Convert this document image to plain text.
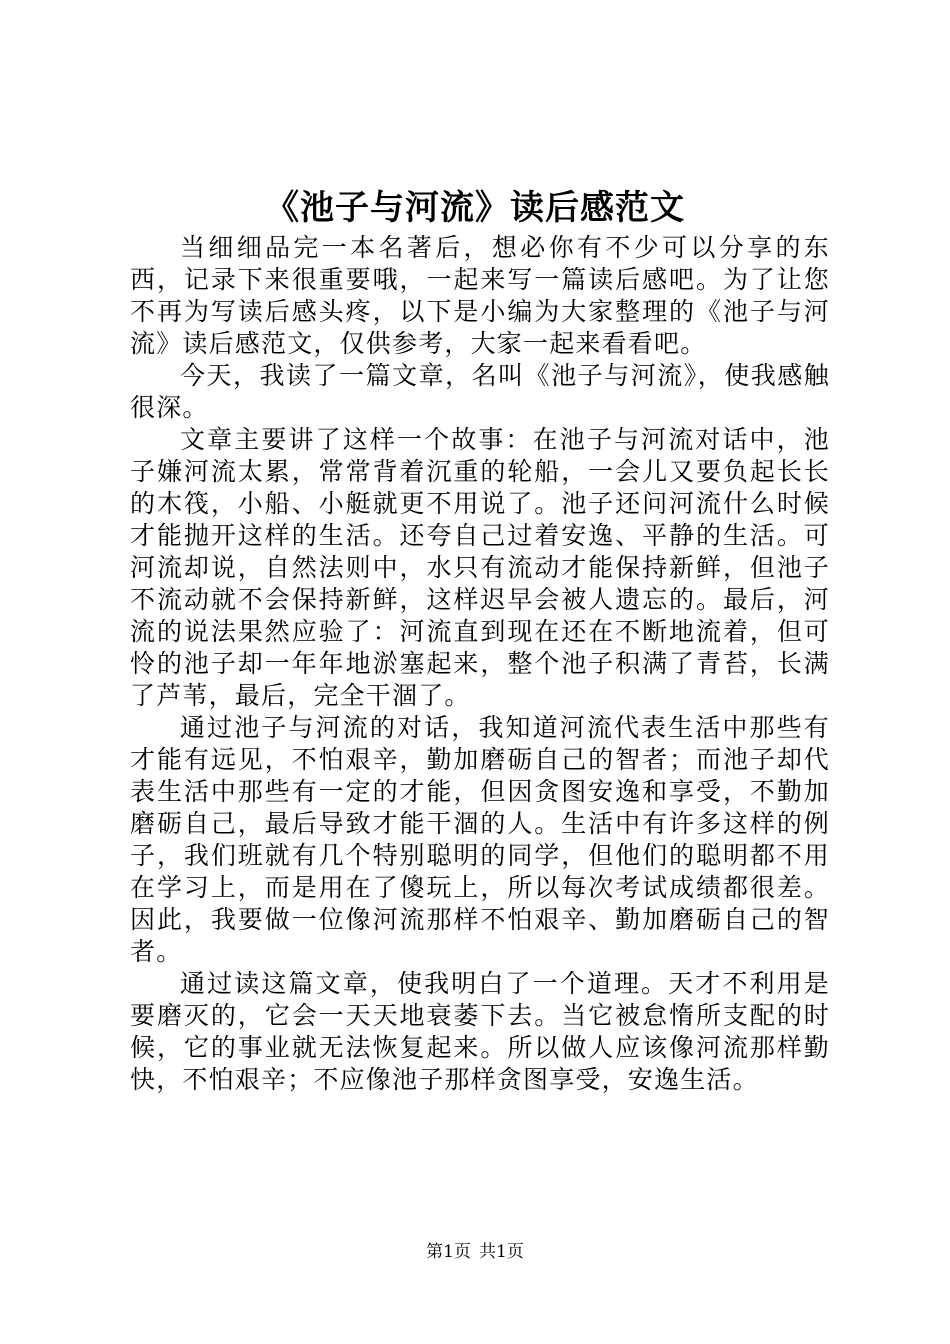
《池子与河流》读后感范文

当细细品完一本名著后，想必你有不少可以分享的东西，记录下来很重要哦，一起来写一篇读后感吧。为了让您不再为写读后感头疼，以下是小编为大家整理的《池子与河流》读后感范文，仅供参考，大家一起来看看吧。

今天，我读了一篇文章，名叫《池子与河流》，使我感触很深。

文章主要讲了这样一个故事：在池子与河流对话中，池子嫌河流太累，常常背着沉重的轮船，一会儿又要负起长长的木筏，小船、小艇就更不用说了。池子还问河流什么时候才能抛开这样的生活。还夸自己过着安逸、平静的生活。可河流却说，自然法则中，水只有流动才能保持新鲜，但池子不流动就不会保持新鲜，这样迟早会被人遗忘的。最后，河流的说法果然应验了：河流直到现在还在不断地流着，但可怜的池子却一年年地淤塞起来，整个池子积满了青苔，长满了芦苇，最后，完全干涸了。

通过池子与河流的对话，我知道河流代表生活中那些有才能有远见，不怕艰辛，勤加磨砺自己的智者；而池子却代表生活中那些有一定的才能，但因贪图安逸和享受，不勤加磨砺自己，最后导致才能干涸的人。生活中有许多这样的例子，我们班就有几个特别聪明的同学，但他们的聪明都不用在学习上，而是用在了傻玩上，所以每次考试成绩都很差。因此，我要做一位像河流那样不怕艰辛、勤加磨砺自己的智者。

通过读这篇文章，使我明白了一个道理。天才不利用是要磨灭的，它会一天天地衰萎下去。当它被怠惰所支配的时候，它的事业就无法恢复起来。所以做人应该像河流那样勤快，不怕艰辛；不应像池子那样贪图享受，安逸生活。

第1页 共1页
